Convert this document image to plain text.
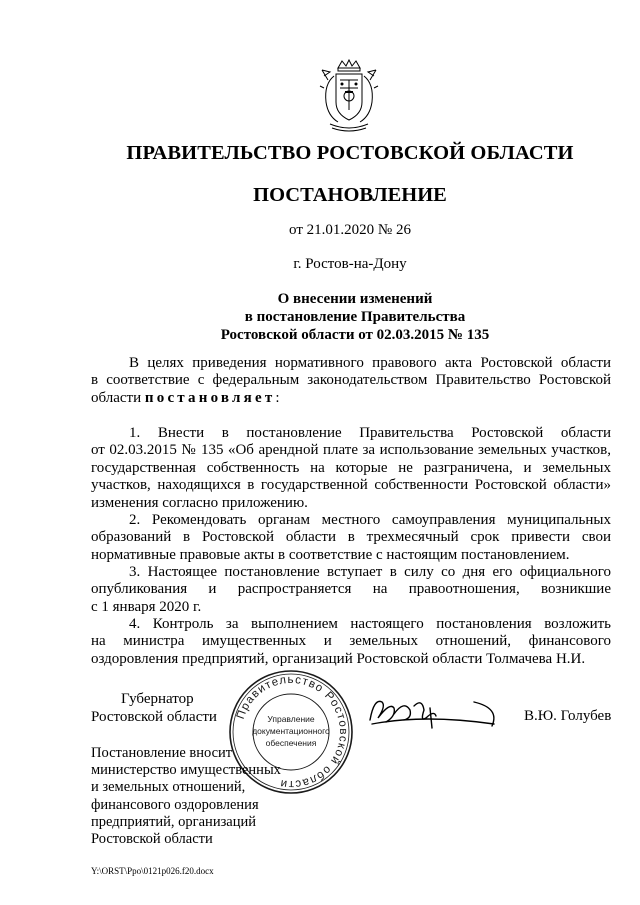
ПРАВИТЕЛЬСТВО РОСТОВСКОЙ ОБЛАСТИ
ПОСТАНОВЛЕНИЕ
от 21.01.2020 № 26
г. Ростов-на-Дону
О внесении изменений
в постановление Правительства
Ростовской области от 02.03.2015 № 135
В целях приведения нормативного правового акта Ростовской области
в соответствие с федеральным законодательством Правительство Ростовской
области постановляет:
1. Внести в постановление Правительства Ростовской области
от 02.03.2015 № 135 «Об арендной плате за использование земельных участков,
государственная собственность на которые не разграничена, и земельных
участков, находящихся в государственной собственности Ростовской области»
изменения согласно приложению.
2. Рекомендовать органам местного самоуправления муниципальных
образований в Ростовской области в трехмесячный срок привести свои
нормативные правовые акты в соответствие с настоящим постановлением.
3. Настоящее постановление вступает в силу со дня его официального
опубликования и распространяется на правоотношения, возникшие
с 1 января 2020 г.
4. Контроль за выполнением настоящего постановления возложить
на министра имущественных и земельных отношений, финансового
оздоровления предприятий, организаций Ростовской области Толмачева Н.И.
Губернатор
Ростовской области Правительство Ростовской области
Управление
документационного
обеспечения
В.Ю. Голубев
Постановление вносит
министерство имущественных
и земельных отношений,
финансового оздоровления
предприятий, организаций
Ростовской области
Y:\ORST\Ppo\0121p026.f20.docx
